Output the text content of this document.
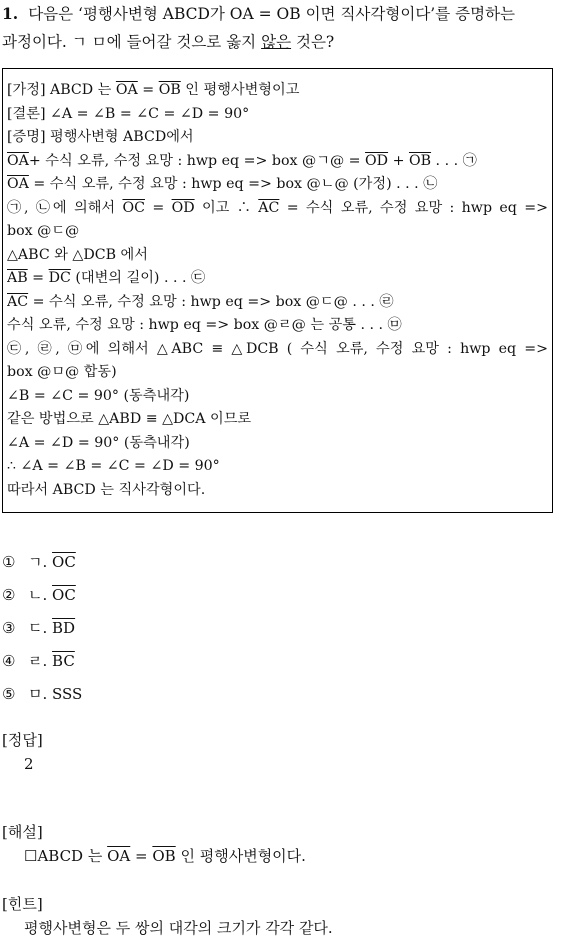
1. 다음은 ‘평행사변형 ABCD가 OA = OB 이면 직사각형이다’를 증명하는
과정이다. ㄱ ㅁ에 들어갈 것으로 옳지 않은 것은?
[가정] ABCD 는 $\overline{OA} = \overline{OB}$ 인 평행사변형이고
[결론] ∠A = ∠B = ∠C = ∠D = 90°
[증명] 평행사변형 ABCD에서
$\overline{OA}+$ 수식 오류, 수정 요망 : hwp eq => box @ㄱ@ = $\overline{OD} + \overline{OB}$ . . . ㉠
$\overline{OA}$ = 수식 오류, 수정 요망 : hwp eq => box @ㄴ@ (가정) . . . ㉡
㉠, ㉡에 의해서 $\overline{OC} = \overline{OD}$ 이고 ∴ $\overline{AC}$ = 수식 오류, 수정 요망 : hwp eq =>
box @ㄷ@
△ABC 와 △DCB 에서
$\overline{AB} = \overline{DC}$ (대변의 길이) . . . ㉢
$\overline{AC}$ = 수식 오류, 수정 요망 : hwp eq => box @ㄷ@ . . . ㉣
수식 오류, 수정 요망 : hwp eq => box @ㄹ@ 는 공통 . . . ㉤
㉢, ㉣, ㉤에 의해서 △ABC ≡ △DCB ( 수식 오류, 수정 요망 : hwp eq =>
box @ㅁ@ 합동)
∠B = ∠C = 90° (동측내각)
같은 방법으로 △ABD ≡ △DCA 이므로
∠A = ∠D = 90° (동측내각)
∴ ∠A = ∠B = ∠C = ∠D = 90°
따라서 ABCD 는 직사각형이다.
① ㄱ. $\overline{OC}$
② ㄴ. $\overline{OC}$
③ ㄷ. $\overline{BD}$
④ ㄹ. $\overline{BC}$
⑤ ㅁ. SSS
[정답]
2
[해설]
☐ABCD 는 $\overline{OA} = \overline{OB}$ 인 평행사변형이다.
[힌트]
평행사변형은 두 쌍의 대각의 크기가 각각 같다.
